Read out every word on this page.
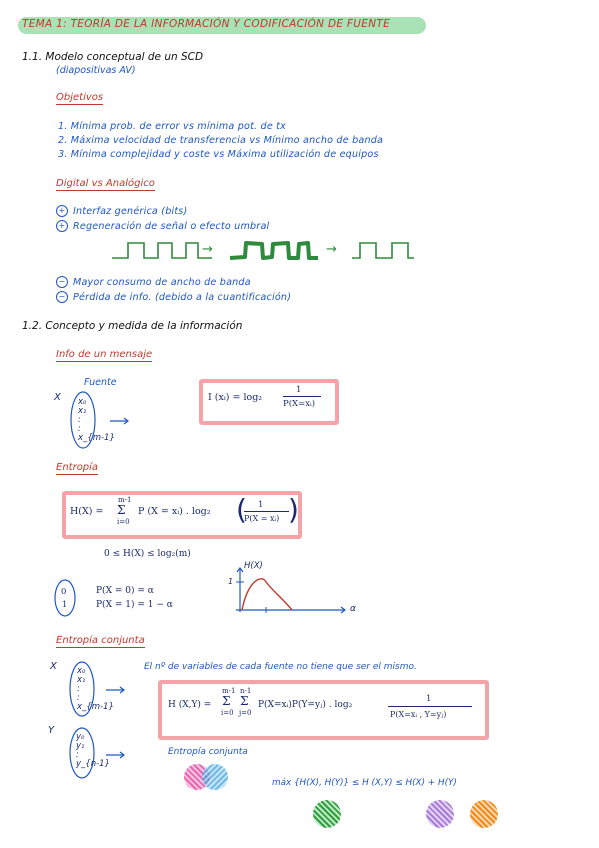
TEMA 1: TEORÍA DE LA INFORMACIÓN Y CODIFICACIÓN DE FUENTE
1.1. Modelo conceptual de un SCD
(diapositivas AV)
Objetivos
1. Mínima prob. de error vs mínima pot. de tx
2. Máxima velocidad de transferencia vs Mínimo ancho de banda
3. Mínima complejidad y coste vs Máxima utilización de equipos
Digital vs Analógico
+ Interfaz genérica (bits)
+ Regeneración de señal o efecto umbral
→	→
− Mayor consumo de ancho de banda
− Pérdida de info. (debido a la cuantificación)
1.2. Concepto y medida de la información
Info de un mensaje
Fuente
X x₀
x₁
:
:
x_{m-1}
I (xᵢ) = log₂
1
P(X=xᵢ)
Entropía
H(X) =
m-1
Σ
i=0
P (X = xᵢ) . log₂ ( 1
P(X = xᵢ) )
0 ≤ H(X) ≤ log₂(m)
0
1
P(X = 0) = α
P(X = 1) = 1 − α
H(X)
1
α
Entropía conjunta
El nº de variables de cada fuente no tiene que ser el mismo.
X x₀
x₁
:
:
x_{m-1}
Y
y₀
y₁
:
y_{n-1}
H (X,Y) =
m-1
Σ
i=0
n-1
Σ
j=0
P(X=xᵢ)P(Y=yⱼ) . log₂
1
P(X=xᵢ , Y=yⱼ)
Entropía conjunta
máx {H(X), H(Y)} ≤ H (X,Y) ≤ H(X) + H(Y)
